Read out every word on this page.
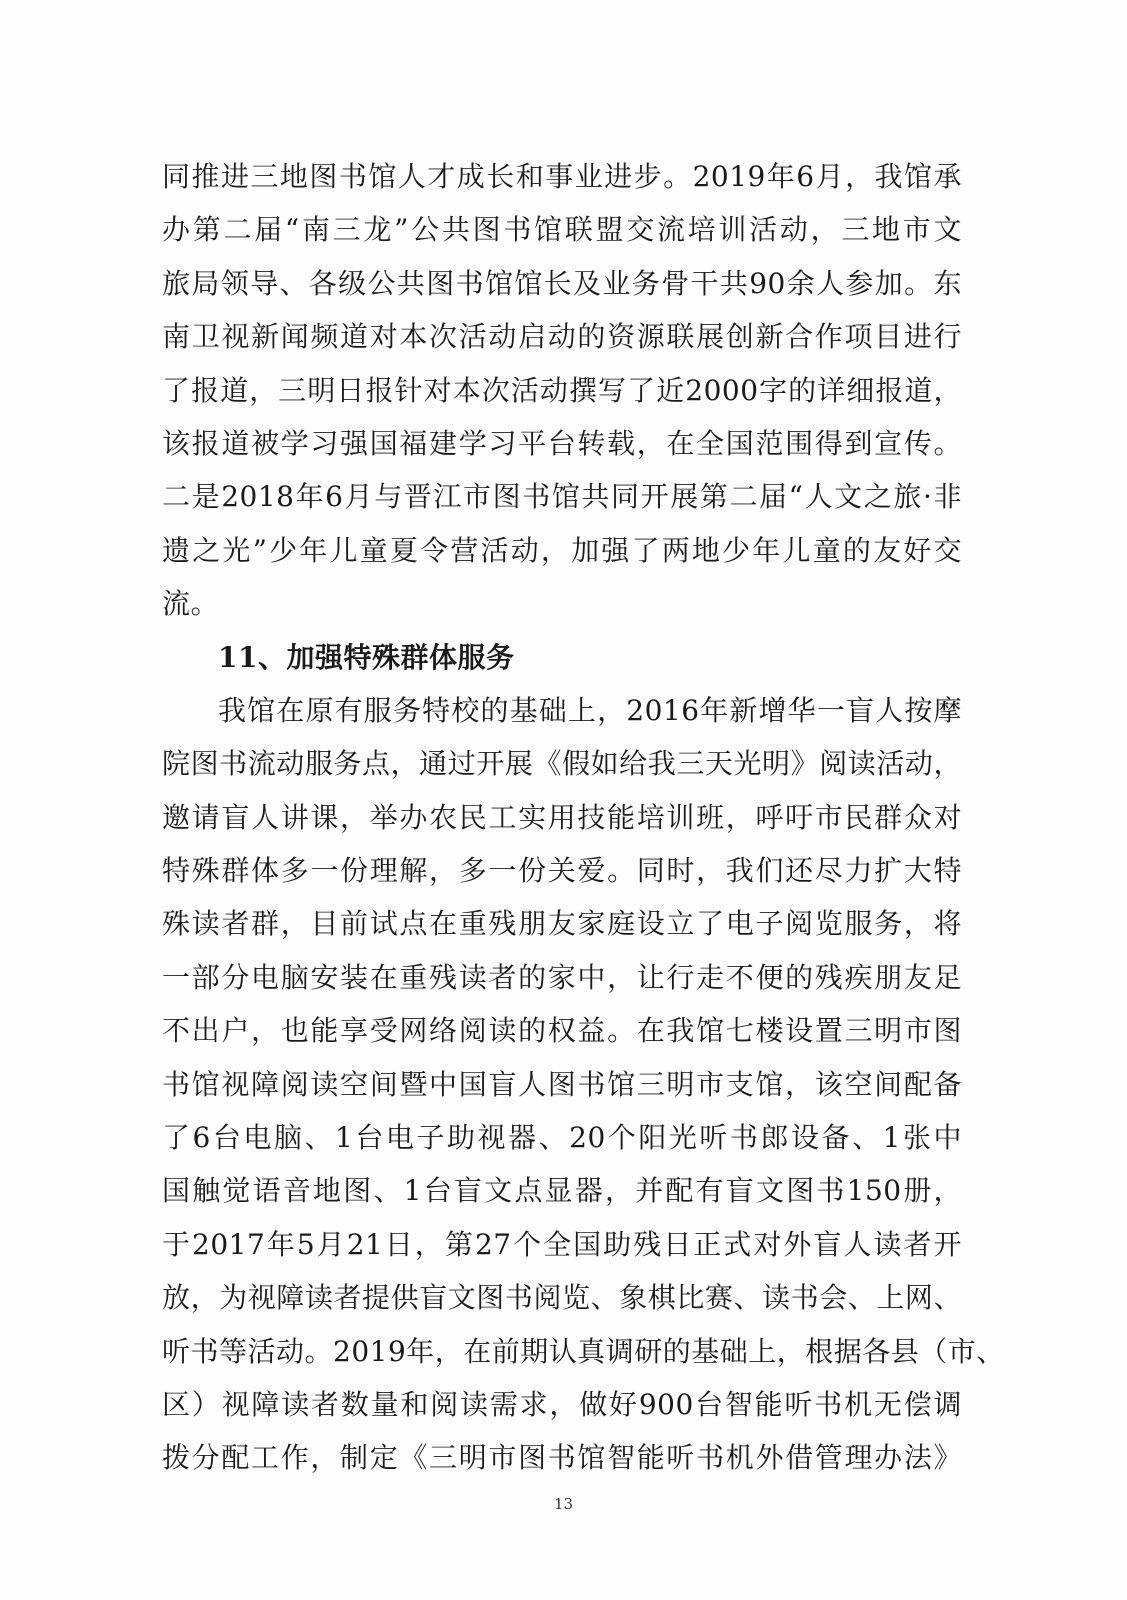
同推进三地图书馆人才成长和事业进步。2019年6月，我馆承
办第二届“南三龙”公共图书馆联盟交流培训活动，三地市文
旅局领导、各级公共图书馆馆长及业务骨干共90余人参加。东
南卫视新闻频道对本次活动启动的资源联展创新合作项目进行
了报道，三明日报针对本次活动撰写了近2000字的详细报道，
该报道被学习强国福建学习平台转载，在全国范围得到宣传。
二是2018年6月与晋江市图书馆共同开展第二届“人文之旅·非
遗之光”少年儿童夏令营活动，加强了两地少年儿童的友好交
流。
11、加强特殊群体服务
我馆在原有服务特校的基础上，2016年新增华一盲人按摩
院图书流动服务点，通过开展《假如给我三天光明》阅读活动，
邀请盲人讲课，举办农民工实用技能培训班，呼吁市民群众对
特殊群体多一份理解，多一份关爱。同时，我们还尽力扩大特
殊读者群，目前试点在重残朋友家庭设立了电子阅览服务，将
一部分电脑安装在重残读者的家中，让行走不便的残疾朋友足
不出户，也能享受网络阅读的权益。在我馆七楼设置三明市图
书馆视障阅读空间暨中国盲人图书馆三明市支馆，该空间配备
了6台电脑、1台电子助视器、20个阳光听书郎设备、1张中
国触觉语音地图、1台盲文点显器，并配有盲文图书150册，
于2017年5月21日，第27个全国助残日正式对外盲人读者开
放，为视障读者提供盲文图书阅览、象棋比赛、读书会、上网、
听书等活动。2019年，在前期认真调研的基础上，根据各县（市、
区）视障读者数量和阅读需求，做好900台智能听书机无偿调
拨分配工作，制定《三明市图书馆智能听书机外借管理办法》
13
